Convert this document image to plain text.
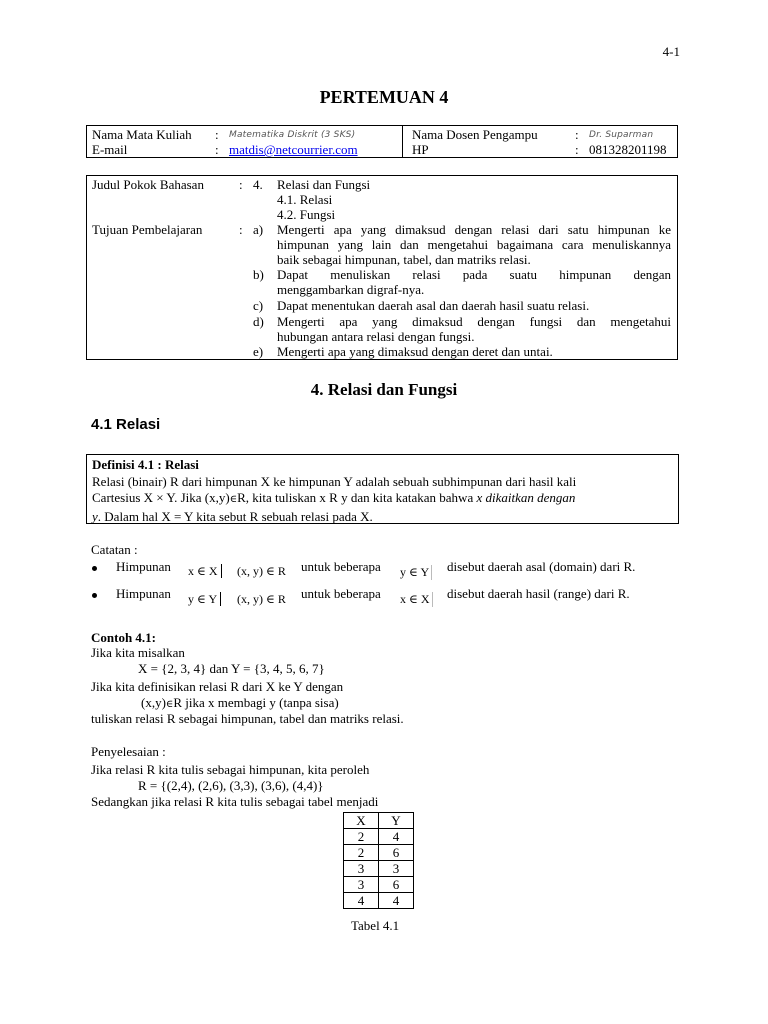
4-1
PERTEMUAN 4
Nama Mata Kuliah : Matematika Diskrit (3 SKS)
E-mail	: matdis@netcourrier.com
Nama Dosen Pengampu	: Dr. Suparman
HP	: 081328201198
Judul Pokok Bahasan	: 4. Relasi dan Fungsi
4.1. Relasi
4.2. Fungsi
Tujuan Pembelajaran	: a) Mengerti apa yang dimaksud dengan relasi dari satu himpunan ke
himpunan yang lain dan mengetahui bagaimana cara menuliskannya
baik sebagai himpunan, tabel, dan matriks relasi.
b) Dapat menuliskan relasi pada suatu himpunan dengan
menggambarkan digraf-nya.
c) Dapat menentukan daerah asal dan daerah hasil suatu relasi.
d) Mengerti apa yang dimaksud dengan fungsi dan mengetahui
hubungan antara relasi dengan fungsi.
e) Mengerti apa yang dimaksud dengan deret dan untai.
4. Relasi dan Fungsi
4.1 Relasi
Definisi 4.1 : Relasi
Relasi (binair) R dari himpunan X ke himpunan Y adalah sebuah subhimpunan dari hasil kali
Cartesius X × Y. Jika (x,y)∈R, kita tuliskan x R y dan kita katakan bahwa x dikaitkan dengan
y. Dalam hal X = Y kita sebut R sebuah relasi pada X.
Catatan :
Himpunan x ∈ X	(x, y) ∈ R untuk beberapa y ∈ Y disebut daerah asal (domain) dari R.
Himpunan y ∈ Y	(x, y) ∈ R untuk beberapa x ∈ X disebut daerah hasil (range) dari R.
Contoh 4.1:
Jika kita misalkan
X = {2, 3, 4} dan Y = {3, 4, 5, 6, 7}
Jika kita definisikan relasi R dari X ke Y dengan
(x,y)∈R jika x membagi y (tanpa sisa)
tuliskan relasi R sebagai himpunan, tabel dan matriks relasi.
Penyelesaian :
Jika relasi R kita tulis sebagai himpunan, kita peroleh
R = {(2,4), (2,6), (3,3), (3,6), (4,4)}
Sedangkan jika relasi R kita tulis sebagai tabel menjadi
X	Y
2	4
2	6
3	3
3	6
4	4
Tabel 4.1
